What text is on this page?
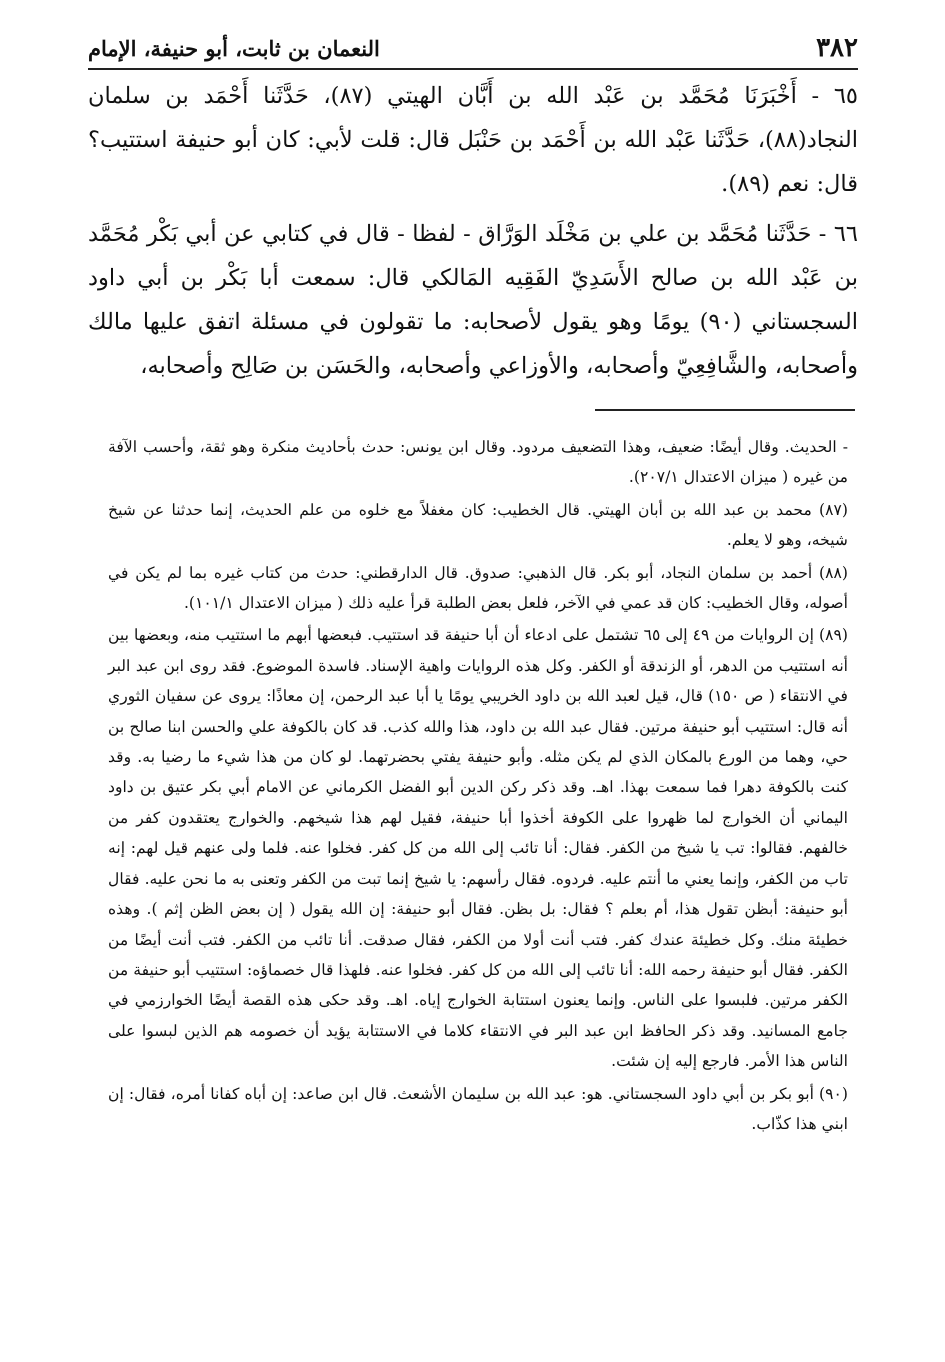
٣٨٢
النعمان بن ثابت، أبو حنيفة، الإمام

٦٥ - أَخْبَرَنَا مُحَمَّد بن عَبْد الله بن أَبَّان الهيتي (٨٧)، حَدَّثَنا أَحْمَد بن سلمان النجاد(٨٨)، حَدَّثَنا عَبْد الله بن أَحْمَد بن حَنْبَل قال: قلت لأبي: كان أبو حنيفة استتيب؟ قال: نعم (٨٩).

٦٦ - حَدَّثَنا مُحَمَّد بن علي بن مَخْلَد الوَرَّاق - لفظا - قال في كتابي عن أبي بَكْر مُحَمَّد بن عَبْد الله بن صالح الأَسَدِيّ الفَقِيه المَالكي قال: سمعت أبا بَكْر بن أبي داود السجستاني (٩٠) يومًا وهو يقول لأصحابه: ما تقولون في مسئلة اتفق عليها مالك وأصحابه، والشَّافِعِيّ وأصحابه، والأوزاعي وأصحابه، والحَسَن بن صَالِح وأصحابه،

- الحديث. وقال أيضًا: ضعيف، وهذا التضعيف مردود. وقال ابن يونس: حدث بأحاديث منكرة وهو ثقة، وأحسب الآفة من غيره ( ميزان الاعتدال ٢٠٧/١).

(٨٧) محمد بن عبد الله بن أبان الهيتي. قال الخطيب: كان مغفلاً مع خلوه من علم الحديث، إنما حدثنا عن شيخ شيخه، وهو لا يعلم.

(٨٨) أحمد بن سلمان النجاد، أبو بكر. قال الذهبي: صدوق. قال الدارقطني: حدث من كتاب غيره بما لم يكن في أصوله، وقال الخطيب: كان قد عمي في الآخر، فلعل بعض الطلبة قرأ عليه ذلك ( ميزان الاعتدال ١٠١/١).

(٨٩) إن الروايات من ٤٩ إلى ٦٥ تشتمل على ادعاء أن أبا حنيفة قد استتيب. فبعضها أبهم ما استتيب منه، وبعضها بين أنه استتيب من الدهر، أو الزندقة أو الكفر. وكل هذه الروايات واهية الإسناد. فاسدة الموضوع. فقد روى ابن عبد البر في الانتقاء ( ص ١٥٠) قال، قيل لعبد الله بن داود الخريبي يومًا يا أبا عبد الرحمن، إن معاذًا: يروى عن سفيان الثوري أنه قال: استتيب أبو حنيفة مرتين. فقال عبد الله بن داود، هذا والله كذب. قد كان بالكوفة علي والحسن ابنا صالح بن حي، وهما من الورع بالمكان الذي لم يكن مثله. وأبو حنيفة يفتي بحضرتهما. لو كان من هذا شيء ما رضيا به. وقد كنت بالكوفة دهرا فما سمعت بهذا. اهـ. وقد ذكر ركن الدين أبو الفضل الكرماني عن الامام أبي بكر عتيق بن داود اليماني أن الخوارج لما ظهروا على الكوفة أخذوا أبا حنيفة، فقيل لهم هذا شيخهم. والخوارج يعتقدون كفر من خالفهم. فقالوا: تب يا شيخ من الكفر. فقال: أنا تائب إلى الله من كل كفر. فخلوا عنه. فلما ولى عنهم قيل لهم: إنه تاب من الكفر، وإنما يعني ما أنتم عليه. فردوه. فقال رأسهم: يا شيخ إنما تبت من الكفر وتعنى به ما نحن عليه. فقال أبو حنيفة: أبظن تقول هذا، أم بعلم ؟ فقال: بل بظن. فقال أبو حنيفة: إن الله يقول ( إن بعض الظن إثم ). وهذه خطيئة منك. وكل خطيئة عندك كفر. فتب أنت أولا من الكفر، فقال صدقت. أنا تائب من الكفر. فتب أنت أيضًا من الكفر. فقال أبو حنيفة رحمه الله: أنا تائب إلى الله من كل كفر. فخلوا عنه. فلهذا قال خصماؤه: استتيب أبو حنيفة من الكفر مرتين. فلبسوا على الناس. وإنما يعنون استتابة الخوارج إياه. اهـ. وقد حكى هذه القصة أيضًا الخوارزمي في جامع المسانيد. وقد ذكر الحافظ ابن عبد البر في الانتقاء كلاما في الاستتابة يؤيد أن خصومه هم الذين لبسوا على الناس هذا الأمر. فارجع إليه إن شئت.

(٩٠) أبو بكر بن أبي داود السجستاني. هو: عبد الله بن سليمان الأشعث. قال ابن صاعد: إن أباه كفانا أمره، فقال: إن ابني هذا كذّاب.
